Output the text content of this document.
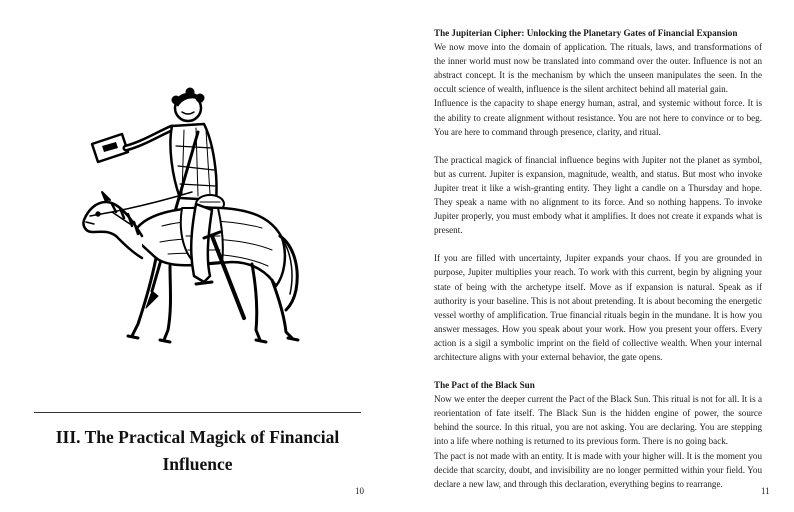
III. The Practical Magick of Financial
Influence
10
The Jupiterian Cipher: Unlocking the Planetary Gates of Financial Expansion

We now move into the domain of application. The rituals, laws, and transformations of the inner world must now be translated into command over the outer. Influence is not an abstract concept. It is the mechanism by which the unseen manipulates the seen. In the occult science of wealth, influence is the silent architect behind all material gain.

Influence is the capacity to shape energy human, astral, and systemic without force. It is the ability to create alignment without resistance. You are not here to convince or to beg. You are here to command through presence, clarity, and ritual.

The practical magick of financial influence begins with Jupiter not the planet as symbol, but as current. Jupiter is expansion, magnitude, wealth, and status. But most who invoke Jupiter treat it like a wish-granting entity. They light a candle on a Thursday and hope. They speak a name with no alignment to its force. And so nothing happens. To invoke Jupiter properly, you must embody what it amplifies. It does not create it expands what is present.

If you are filled with uncertainty, Jupiter expands your chaos. If you are grounded in purpose, Jupiter multiplies your reach. To work with this current, begin by aligning your state of being with the archetype itself. Move as if expansion is natural. Speak as if authority is your baseline. This is not about pretending. It is about becoming the energetic vessel worthy of amplification. True financial rituals begin in the mundane. It is how you answer messages. How you speak about your work. How you present your offers. Every action is a sigil a symbolic imprint on the field of collective wealth. When your internal architecture aligns with your external behavior, the gate opens.

The Pact of the Black Sun

Now we enter the deeper current the Pact of the Black Sun. This ritual is not for all. It is a reorientation of fate itself. The Black Sun is the hidden engine of power, the source behind the source. In this ritual, you are not asking. You are declaring. You are stepping into a life where nothing is returned to its previous form. There is no going back.

The pact is not made with an entity. It is made with your higher will. It is the moment you decide that scarcity, doubt, and invisibility are no longer permitted within your field. You declare a new law, and through this declaration, everything begins to rearrange.

11
